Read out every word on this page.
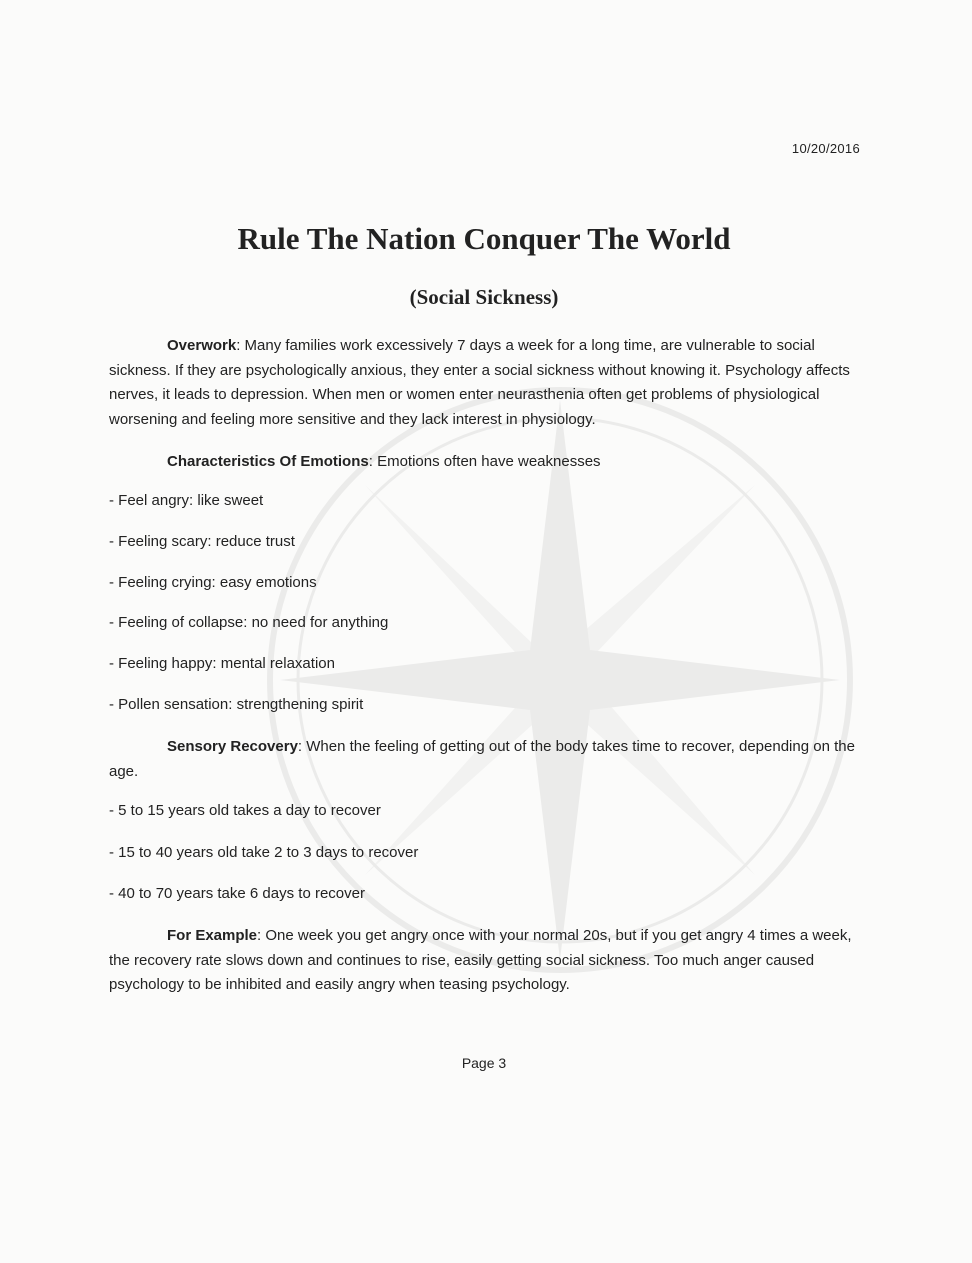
10/20/2016
Rule The Nation Conquer The World
(Social Sickness)

Overwork: Many families work excessively 7 days a week for a long time, are vulnerable to social sickness. If they are psychologically anxious, they enter a social sickness without knowing it. Psychology affects nerves, it leads to depression. When men or women enter neurasthenia often get problems of physiological worsening and feeling more sensitive and they lack interest in physiology.

Characteristics Of Emotions: Emotions often have weaknesses

- Feel angry: like sweet

- Feeling scary: reduce trust

- Feeling crying: easy emotions

- Feeling of collapse: no need for anything

- Feeling happy: mental relaxation

- Pollen sensation: strengthening spirit

Sensory Recovery: When the feeling of getting out of the body takes time to recover, depending on the age.

- 5 to 15 years old takes a day to recover

- 15 to 40 years old take 2 to 3 days to recover

- 40 to 70 years take 6 days to recover

For Example: One week you get angry once with your normal 20s, but if you get angry 4 times a week, the recovery rate slows down and continues to rise, easily getting social sickness. Too much anger caused psychology to be inhibited and easily angry when teasing psychology.

Page 3
